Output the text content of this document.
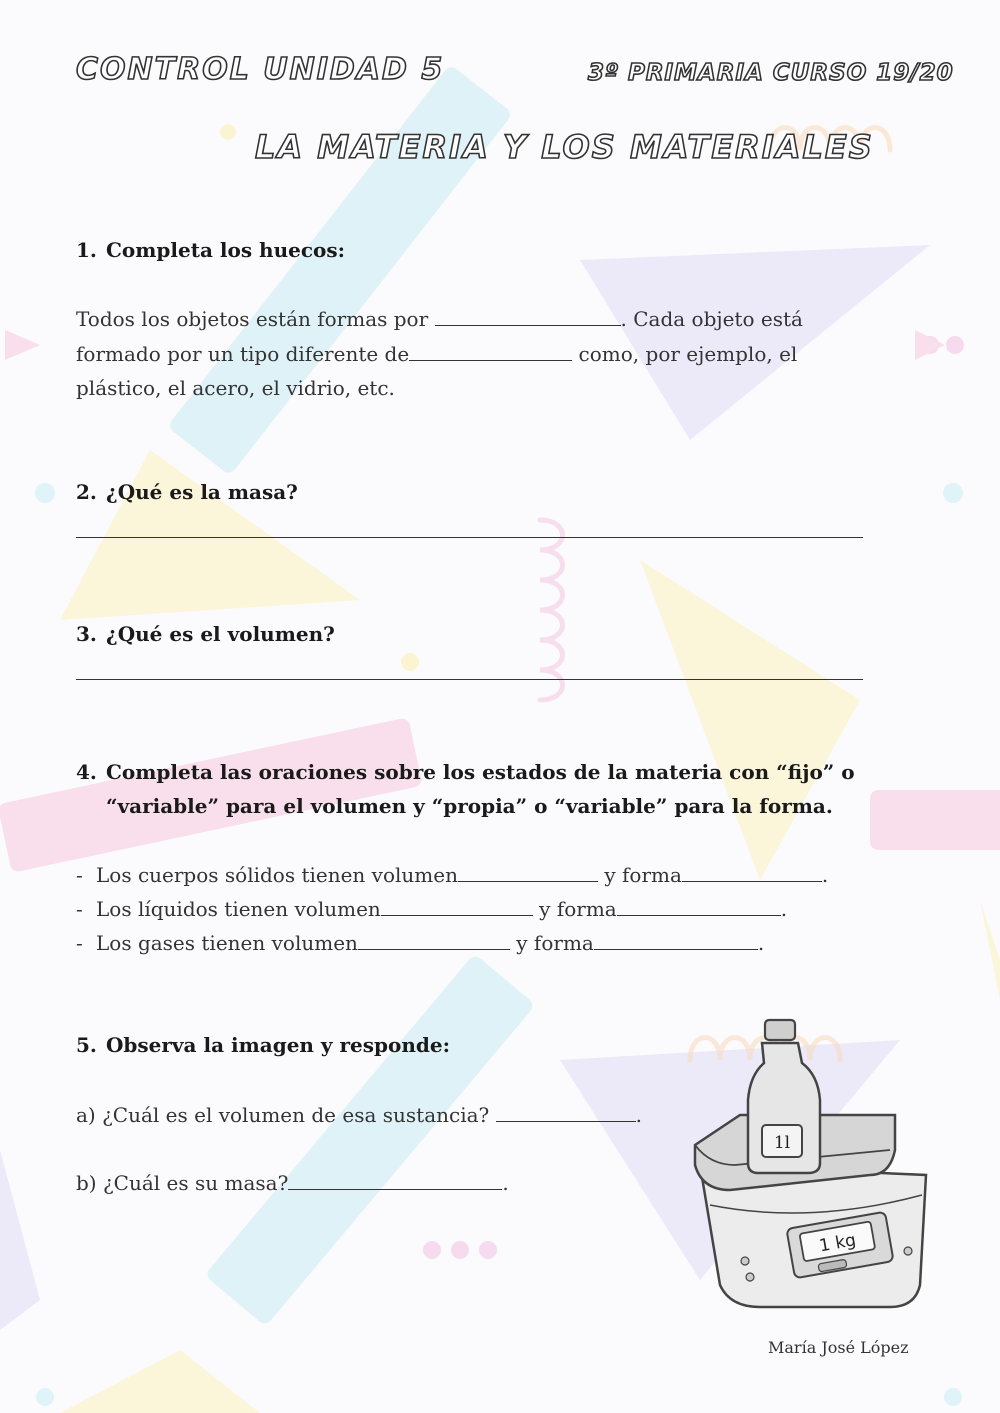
CONTROL UNIDAD 5	3º PRIMARIA CURSO 19/20
LA MATERIA Y LOS MATERIALES
1. Completa los huecos:
Todos los objetos están formas por	. Cada objeto está formado por un tipo diferente de	como, por ejemplo, el plástico, el acero, el vidrio, etc.
2. ¿Qué es la masa?
3. ¿Qué es el volumen?
4. Completa las oraciones sobre los estados de la materia con “fijo” o
“variable” para el volumen y “propia” o “variable” para la forma.
- Los cuerpos sólidos tienen volumen	y forma	.
- Los líquidos tienen volumen	y forma	.
- Los gases tienen volumen	y forma	.
5. Observa la imagen y responde:
a) ¿Cuál es el volumen de esa sustancia?	.
b) ¿Cuál es su masa?	.
1 kg
1l
María José López
